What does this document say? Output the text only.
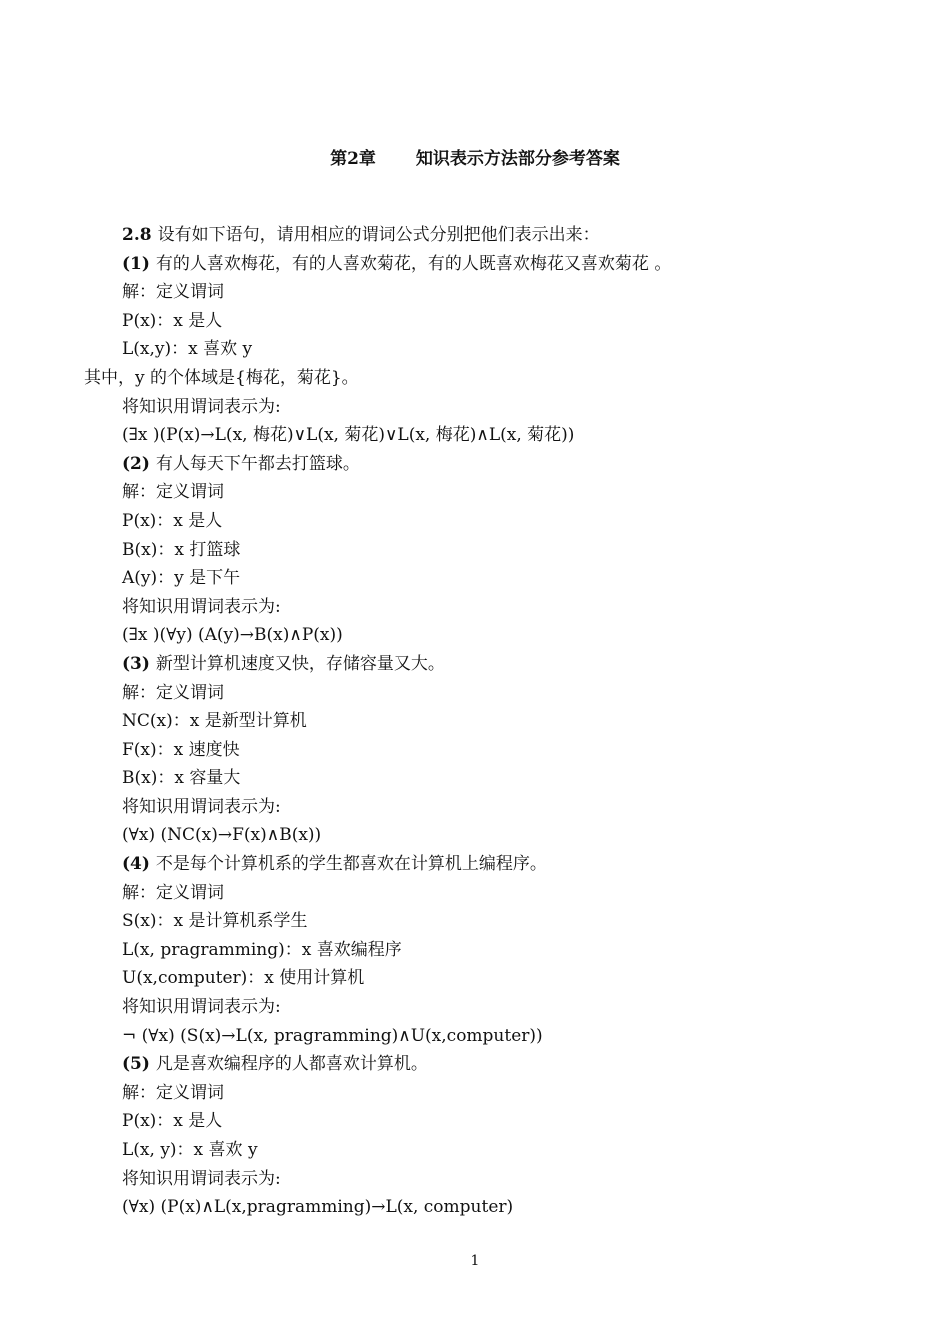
第2章 知识表示方法部分参考答案
2.8 设有如下语句，请用相应的谓词公式分别把他们表示出来：
(1) 有的人喜欢梅花，有的人喜欢菊花，有的人既喜欢梅花又喜欢菊花 。
解：定义谓词
P(x)：x 是人
L(x,y)：x 喜欢 y
其中，y 的个体域是{梅花，菊花}。
将知识用谓词表示为:
(∃x )(P(x)→L(x, 梅花)∨L(x, 菊花)∨L(x, 梅花)∧L(x, 菊花))
(2) 有人每天下午都去打篮球。
解：定义谓词
P(x)：x 是人
B(x)：x 打篮球
A(y)：y 是下午
将知识用谓词表示为:
(∃x )(∀y) (A(y)→B(x)∧P(x))
(3) 新型计算机速度又快，存储容量又大。
解：定义谓词
NC(x)：x 是新型计算机
F(x)：x 速度快
B(x)：x 容量大
将知识用谓词表示为:
(∀x) (NC(x)→F(x)∧B(x))
(4) 不是每个计算机系的学生都喜欢在计算机上编程序。
解：定义谓词
S(x)：x 是计算机系学生
L(x, pragramming)：x 喜欢编程序
U(x,computer)：x 使用计算机
将知识用谓词表示为:
¬ (∀x) (S(x)→L(x, pragramming)∧U(x,computer))
(5) 凡是喜欢编程序的人都喜欢计算机。
解：定义谓词
P(x)：x 是人
L(x, y)：x 喜欢 y
将知识用谓词表示为:
(∀x) (P(x)∧L(x,pragramming)→L(x, computer)
1
